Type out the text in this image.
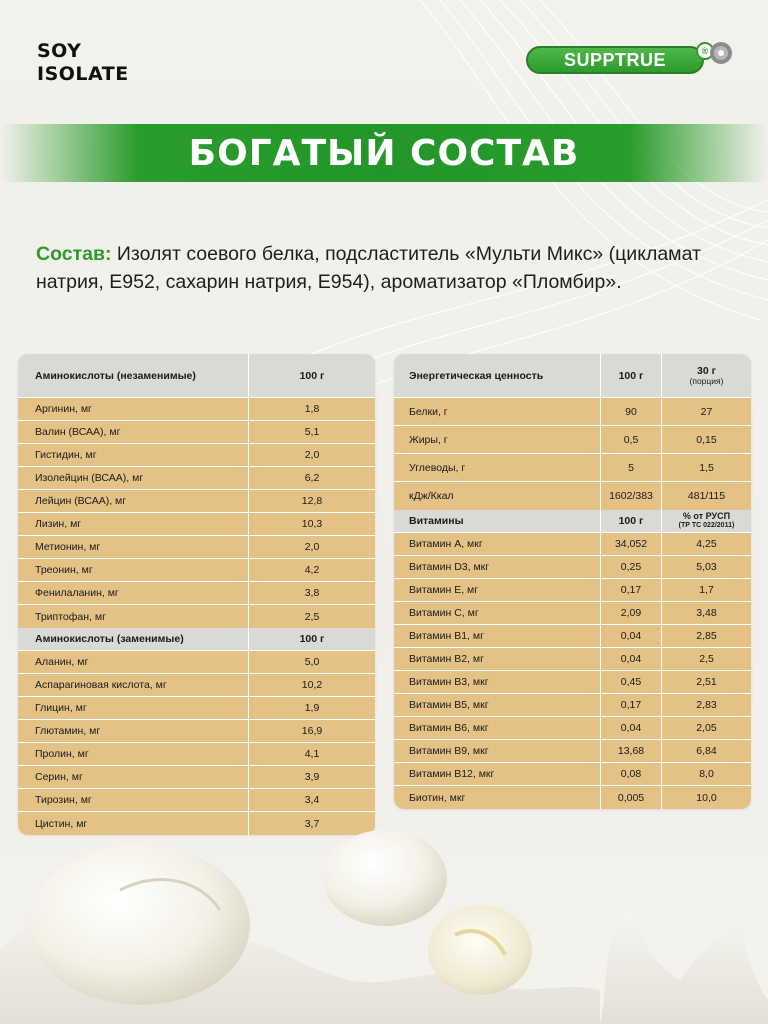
SOY
ISOLATE
SUPPTRUE	®
БОГАТЫЙ СОСТАВ
Состав: Изолят соевого белка, подсластитель «Мульти Микс» (цикламат натрия, Е952, сахарин натрия, Е954), ароматизатор «Пломбир».
Аминокислоты (незаменимые)	100 г
Аргинин, мг	1,8
Валин (ВСАА), мг	5,1
Гистидин, мг	2,0
Изолейцин (ВСАА), мг	6,2
Лейцин (ВСАА), мг	12,8
Лизин, мг	10,3
Метионин, мг	2,0
Треонин, мг	4,2
Фенилаланин, мг	3,8
Триптофан, мг	2,5
Аминокислоты (заменимые)	100 г
Аланин, мг	5,0
Аспарагиновая кислота, мг	10,2
Глицин, мг	1,9
Глютамин, мг	16,9
Пролин, мг	4,1
Серин, мг	3,9
Тирозин, мг	3,4
Цистин, мг	3,7
Энергетическая ценность	100 г	30 г
(порция)
Белки, г	90	27
Жиры, г	0,5	0,15
Углеводы, г	5	1,5
кДж/Ккал	1602/383	481/115
Витамины	100 г	% от РУСП
(ТР ТС 022/2011)
Витамин А, мкг	34,052	4,25
Витамин D3, мкг	0,25	5,03
Витамин Е, мг	0,17	1,7
Витамин С, мг	2,09	3,48
Витамин В1, мг	0,04	2,85
Витамин В2, мг	0,04	2,5
Витамин В3, мкг	0,45	2,51
Витамин В5, мкг	0,17	2,83
Витамин В6, мкг	0,04	2,05
Витамин В9, мкг	13,68	6,84
Витамин В12, мкг	0,08	8,0
Биотин, мкг	0,005	10,0
